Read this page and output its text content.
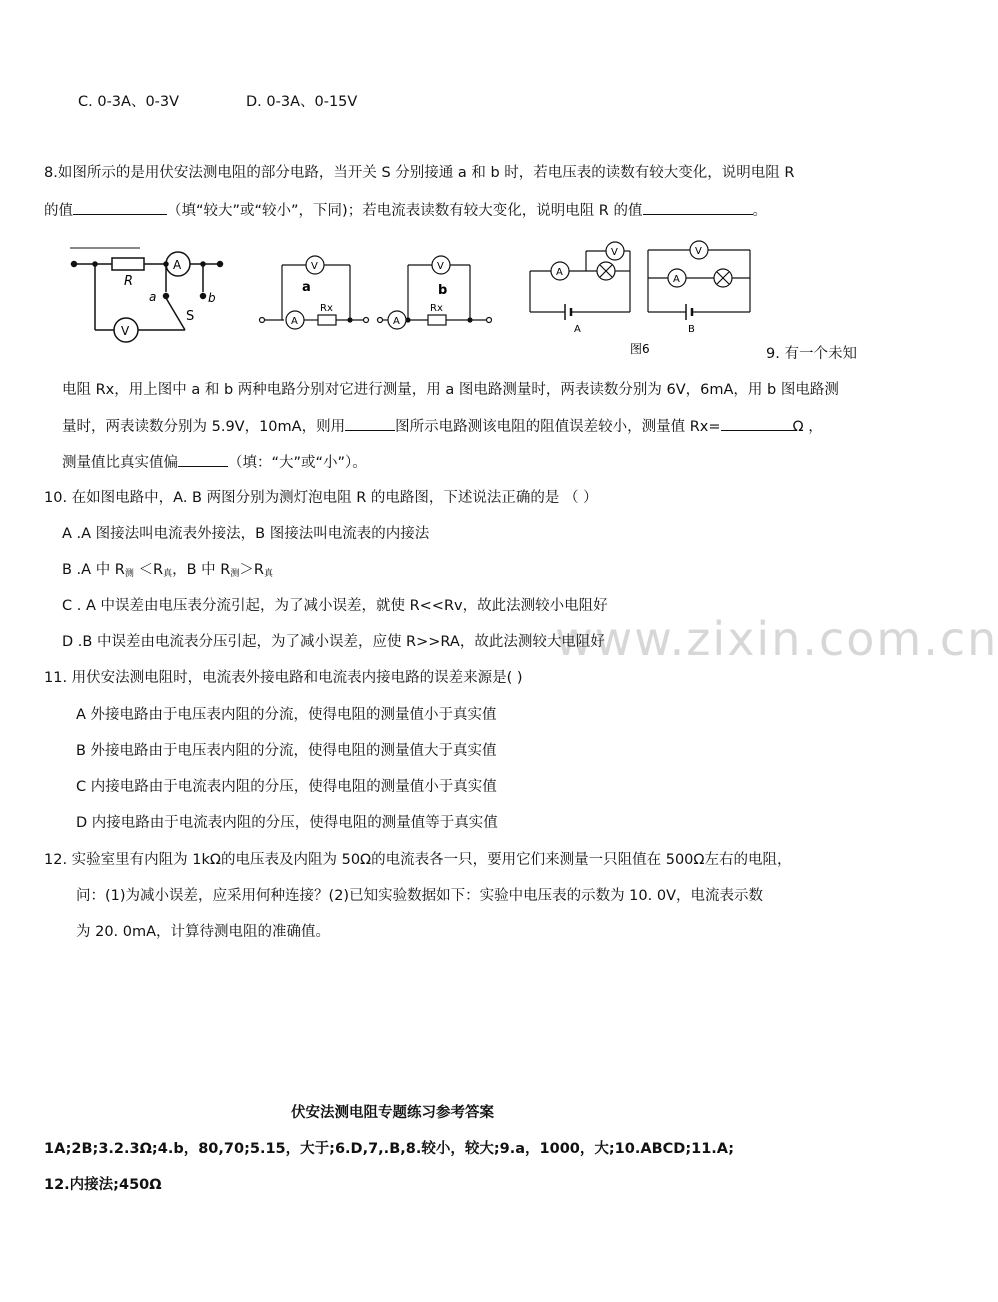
www.zixin.com.cn
C. 0-3A、0-3V	D. 0-3A、0-15V
8.如图所示的是用伏安法测电阻的部分电路，当开关 S 分别接通 a 和 b 时，若电压表的读数有较大变化，说明电阻 R
的值	（填“较大”或“较小”，下同)；若电流表读数有较大变化，说明电阻 R 的值	。
R
A
V
a	b
S
V
A
a
Rx
V
A
b
Rx
V
A
A
V
A
B
图6	9. 有一个未知
电阻 Rx，用上图中 a 和 b 两种电路分别对它进行测量，用 a 图电路测量时，两表读数分别为 6V，6mA，用 b 图电路测
量时，两表读数分别为 5.9V，10mA，则用	图所示电路测该电阻的阻值误差较小，测量值 Rx=	Ω ，
测量值比真实值偏	（填：“大”或“小”）。
10. 在如图电路中，A. B 两图分别为测灯泡电阻 R 的电路图，下述说法正确的是 （ ）
A .A 图接法叫电流表外接法，B 图接法叫电流表的内接法
B .A 中 $R_测 <R_真$，B 中 $R_测>R_真$
C . A 中误差由电压表分流引起，为了减小误差，就使 R<<Rv，故此法测较小电阻好
D .B 中误差由电流表分压引起，为了减小误差，应使 R>>RA，故此法测较大电阻好
11. 用伏安法测电阻时，电流表外接电路和电流表内接电路的误差来源是( )
A 外接电路由于电压表内阻的分流，使得电阻的测量值小于真实值
B 外接电路由于电压表内阻的分流，使得电阻的测量值大于真实值
C 内接电路由于电流表内阻的分压，使得电阻的测量值小于真实值
D 内接电路由于电流表内阻的分压，使得电阻的测量值等于真实值
12. 实验室里有内阻为 1kΩ的电压表及内阻为 50Ω的电流表各一只，要用它们来测量一只阻值在 500Ω左右的电阻，
问：(1)为减小误差，应采用何种连接？(2)已知实验数据如下：实验中电压表的示数为 10. 0V，电流表示数
为 20. 0mA，计算待测电阻的准确值。
伏安法测电阻专题练习参考答案
1A;2B;3.2.3Ω;4.b，80,70;5.15，大于;6.D,7,.B,8.较小，较大;9.a，1000，大;10.ABCD;11.A;
12.内接法;450Ω
